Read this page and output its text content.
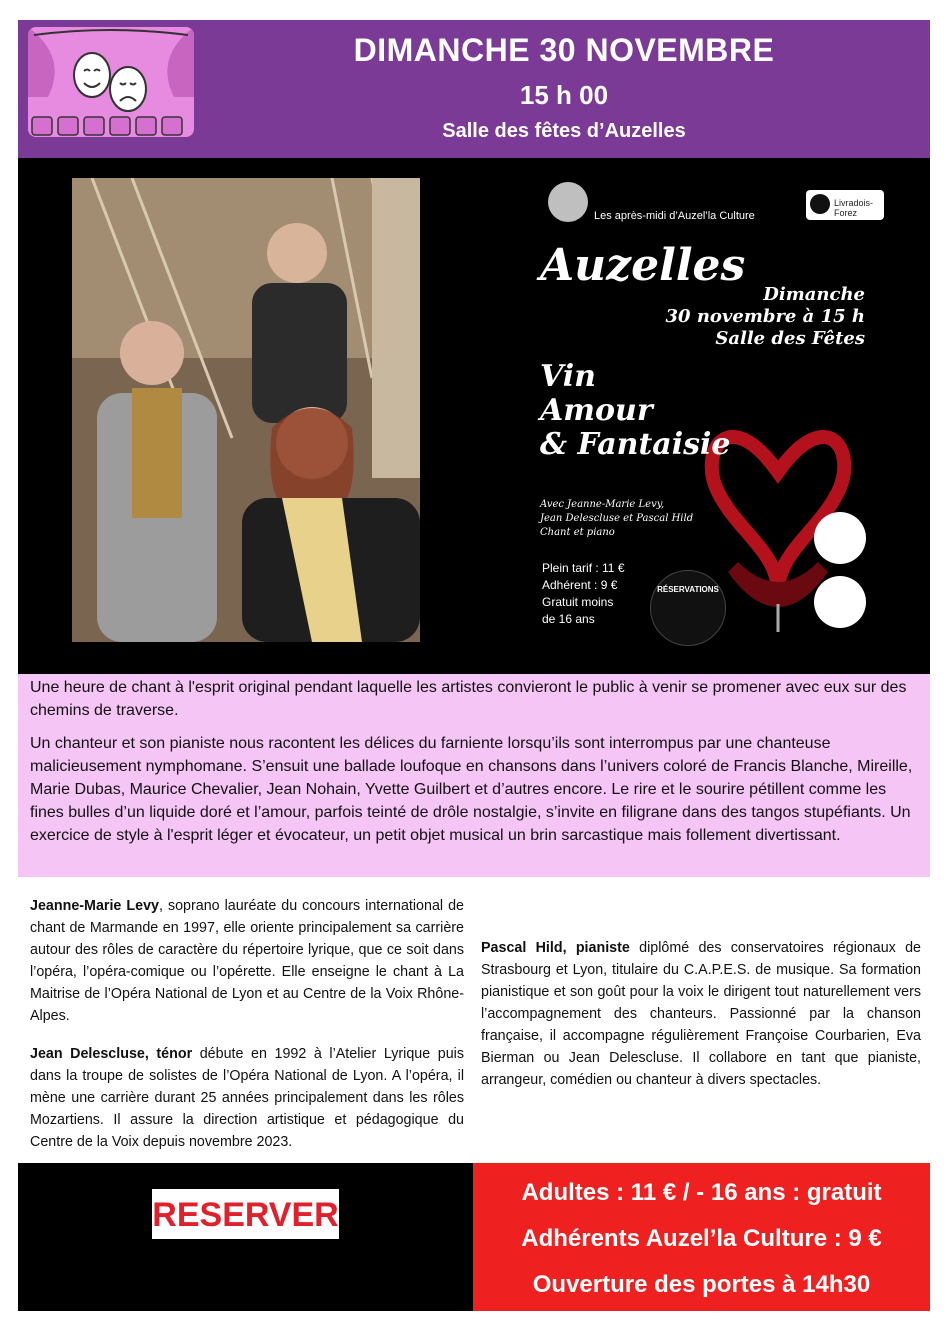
DIMANCHE 30 NOVEMBRE
15 h 00
Salle des fêtes d’Auzelles
Les après-midi d’Auzel’la Culture
Livradois-Forez
Auzelles
Dimanche
30 novembre à 15 h
Salle des Fêtes
Vin
Amour
& Fantaisie
Avec Jeanne-Marie Levy,
Jean Delescluse et Pascal Hild
Chant et piano
Plein tarif : 11 €
Adhérent : 9 €
Gratuit moins
de 16 ans
RÉSERVATIONS

Une heure de chant à l'esprit original pendant laquelle les artistes convieront le public à venir se promener avec eux sur des chemins de traverse.

Un chanteur et son pianiste nous racontent les délices du farniente lorsqu’ils sont interrompus par une chanteuse malicieusement nymphomane. S’ensuit une ballade loufoque en chansons dans l’univers coloré de Francis Blanche, Mireille, Marie Dubas, Maurice Chevalier, Jean Nohain, Yvette Guilbert et d’autres encore. Le rire et le sourire pétillent comme les fines bulles d’un liquide doré et l’amour, parfois teinté de drôle nostalgie, s’invite en filigrane dans des tangos stupéfiants. Un exercice de style à l'esprit léger et évocateur, un petit objet musical un brin sarcastique mais follement divertissant.

Jeanne-Marie Levy, soprano lauréate du concours international de chant de Marmande en 1997, elle oriente principalement sa carrière autour des rôles de caractère du répertoire lyrique, que ce soit dans l’opéra, l’opéra-comique ou l’opérette. Elle enseigne le chant à La Maitrise de l’Opéra National de Lyon et au Centre de la Voix Rhône-Alpes.

Jean Delescluse, ténor débute en 1992 à l’Atelier Lyrique puis dans la troupe de solistes de l’Opéra National de Lyon. A l’opéra, il mène une carrière durant 25 années principalement dans les rôles Mozartiens. Il assure la direction artistique et pédagogique du Centre de la Voix depuis novembre 2023.

Pascal Hild, pianiste diplômé des conservatoires régionaux de Strasbourg et Lyon, titulaire du C.A.P.E.S. de musique. Sa formation pianistique et son goût pour la voix le dirigent tout naturellement vers l’accompagnement des chanteurs. Passionné par la chanson française, il accompagne régulièrement Françoise Courbarien, Eva Bierman ou Jean Delescluse. Il collabore en tant que pianiste, arrangeur, comédien ou chanteur à divers spectacles.

RESERVER
Adultes : 11 € / - 16 ans : gratuit
Adhérents Auzel’la Culture : 9 €
Ouverture des portes à 14h30
